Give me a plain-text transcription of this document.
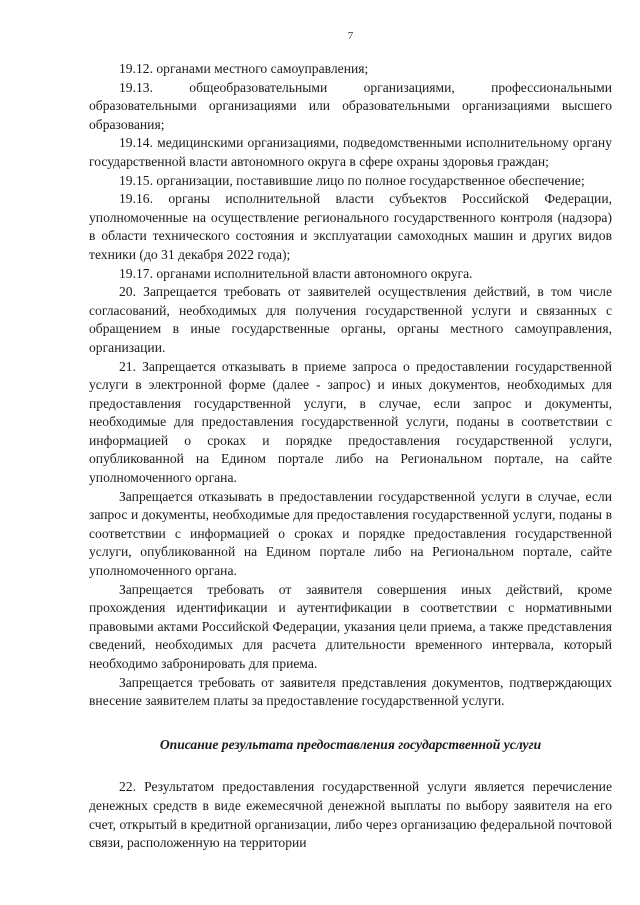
7

19.12. органами местного самоуправления;

19.13. общеобразовательными организациями, профессиональными образовательными организациями или образовательными организациями высшего образования;

19.14. медицинскими организациями, подведомственными исполнительному органу государственной власти автономного округа в сфере охраны здоровья граждан;

19.15. организации, поставившие лицо по полное государственное обеспечение;

19.16. органы исполнительной власти субъектов Российской Федерации, уполномоченные на осуществление регионального государственного контроля (надзора) в области технического состояния и эксплуатации самоходных машин и других видов техники (до 31 декабря 2022 года);

19.17. органами исполнительной власти автономного округа.

20. Запрещается требовать от заявителей осуществления действий, в том числе согласований, необходимых для получения государственной услуги и связанных с обращением в иные государственные органы, органы местного самоуправления, организации.

21. Запрещается отказывать в приеме запроса о предоставлении государственной услуги в электронной форме (далее - запрос) и иных документов, необходимых для предоставления государственной услуги, в случае, если запрос и документы, необходимые для предоставления государственной услуги, поданы в соответствии с информацией о сроках и порядке предоставления государственной услуги, опубликованной на Едином портале либо на Региональном портале, на сайте уполномоченного органа.

Запрещается отказывать в предоставлении государственной услуги в случае, если запрос и документы, необходимые для предоставления государственной услуги, поданы в соответствии с информацией о сроках и порядке предоставления государственной услуги, опубликованной на Едином портале либо на Региональном портале, сайте уполномоченного органа.

Запрещается требовать от заявителя совершения иных действий, кроме прохождения идентификации и аутентификации в соответствии с нормативными правовыми актами Российской Федерации, указания цели приема, а также представления сведений, необходимых для расчета длительности временного интервала, который необходимо забронировать для приема.

Запрещается требовать от заявителя представления документов, подтверждающих внесение заявителем платы за предоставление государственной услуги.

Описание результата предоставления государственной услуги

22. Результатом предоставления государственной услуги является перечисление денежных средств в виде ежемесячной денежной выплаты по выбору заявителя на его счет, открытый в кредитной организации, либо через организацию федеральной почтовой связи, расположенную на территории
